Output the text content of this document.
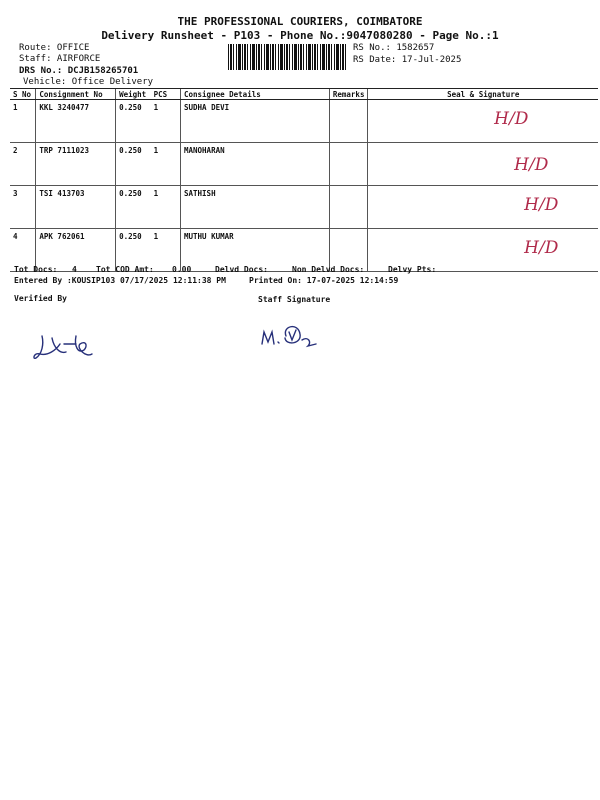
THE PROFESSIONAL COURIERS, COIMBATORE
Delivery Runsheet - P103 - Phone No.:9047080280 - Page No.:1
Route: OFFICE
Staff: AIRFORCE
DRS No.: DCJB158265701
Vehicle: Office Delivery
RS No.: 1582657
RS Date: 17-Jul-2025
S No	Consignment No	Weight	PCS	Consignee Details	Remarks	Seal & Signature
1	KKL 3240477	0.250	1	SUDHA DEVI		H/D
2	TRP 7111023	0.250	1	MANOHARAN		H/D
3	TSI 413703	0.250	1	SATHISH		H/D
4	APK 762061	0.250	1	MUTHU KUMAR		H/D
Tot Docs: 4 Tot COD Amt: 0.00	Delvd Docs:	Non Delvd Docs:	Delvy Pts:
Entered By :KOUSIP103 07/17/2025 12:11:38 PM	Printed On: 17-07-2025 12:14:59
Verified By	Staff Signature
